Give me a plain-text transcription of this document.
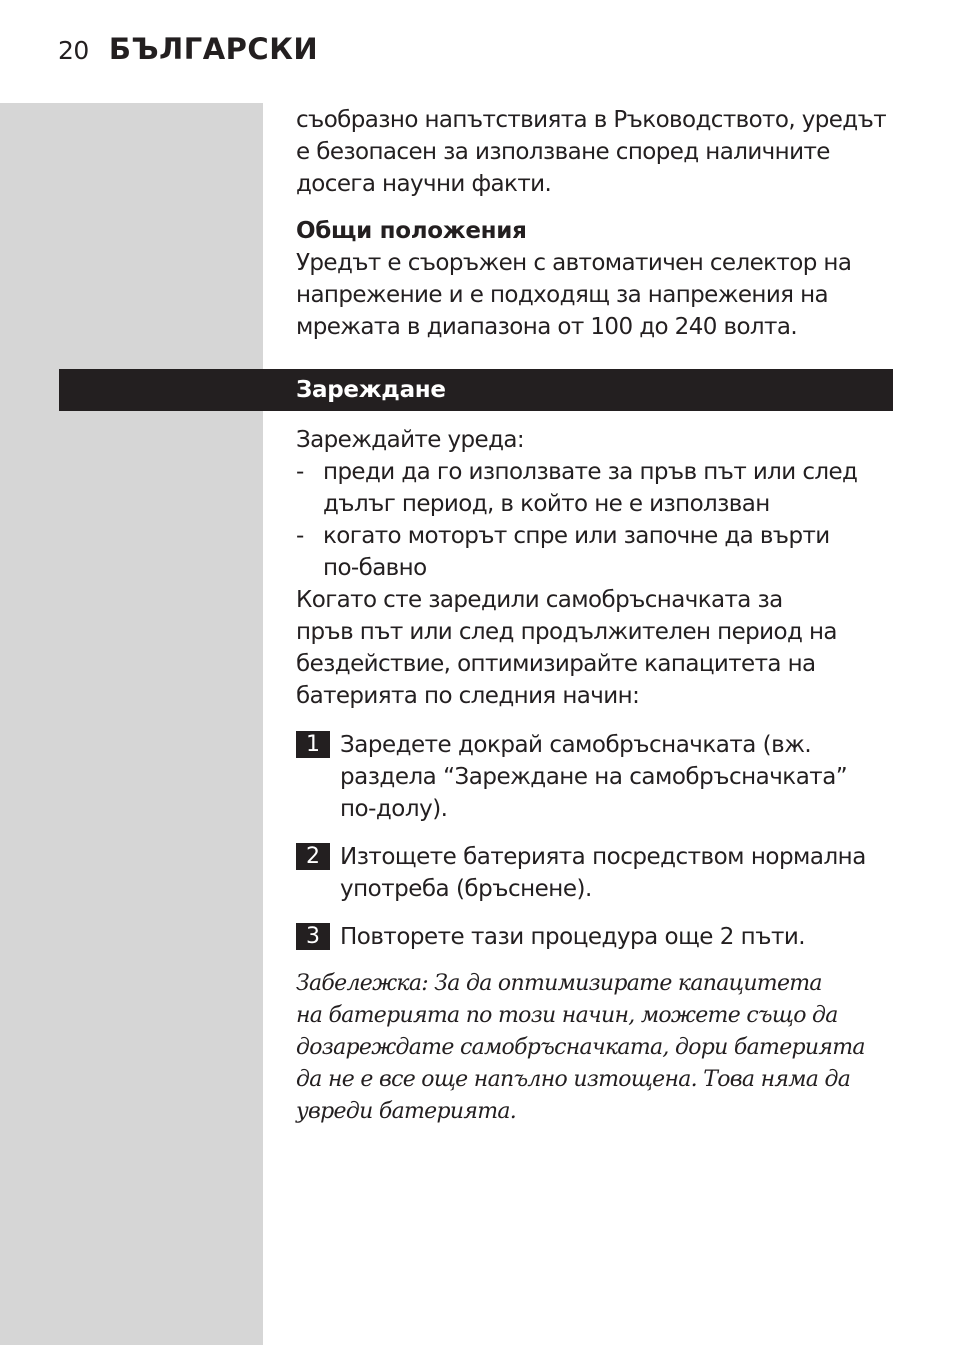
20 БЪЛГАРСКИ

съобразно напътствията в Ръководството, уредът
е безопасен за използване според наличните
досега научни факти.

Общи положения

Уредът е съоръжен с автоматичен селектор на
напрежение и е подходящ за напрежения на
мрежата в диапазона от 100 до 240 волта.

Зареждане

Зареждайте уреда:

- преди да го използвате за пръв път или след
дълъг период, в който не е използван
- когато моторът спре или започне да върти
по-бавно

Когато сте заредили самобръсначката за
пръв път или след продължителен период на
бездействие, оптимизирайте капацитета на
батерията по следния начин:

1 Заредете докрай самобръсначката (вж.
раздела “Зареждане на самобръсначката”
по-долу).
2 Изтощете батерията посредством нормална
употреба (бръснене).
3 Повторете тази процедура още 2 пъти.

Забележка: За да оптимизирате капацитета
на батерията по този начин, можете също да
дозареждате самобръсначката, дори батерията
да не е все още напълно изтощена. Това няма да
увреди батерията.
